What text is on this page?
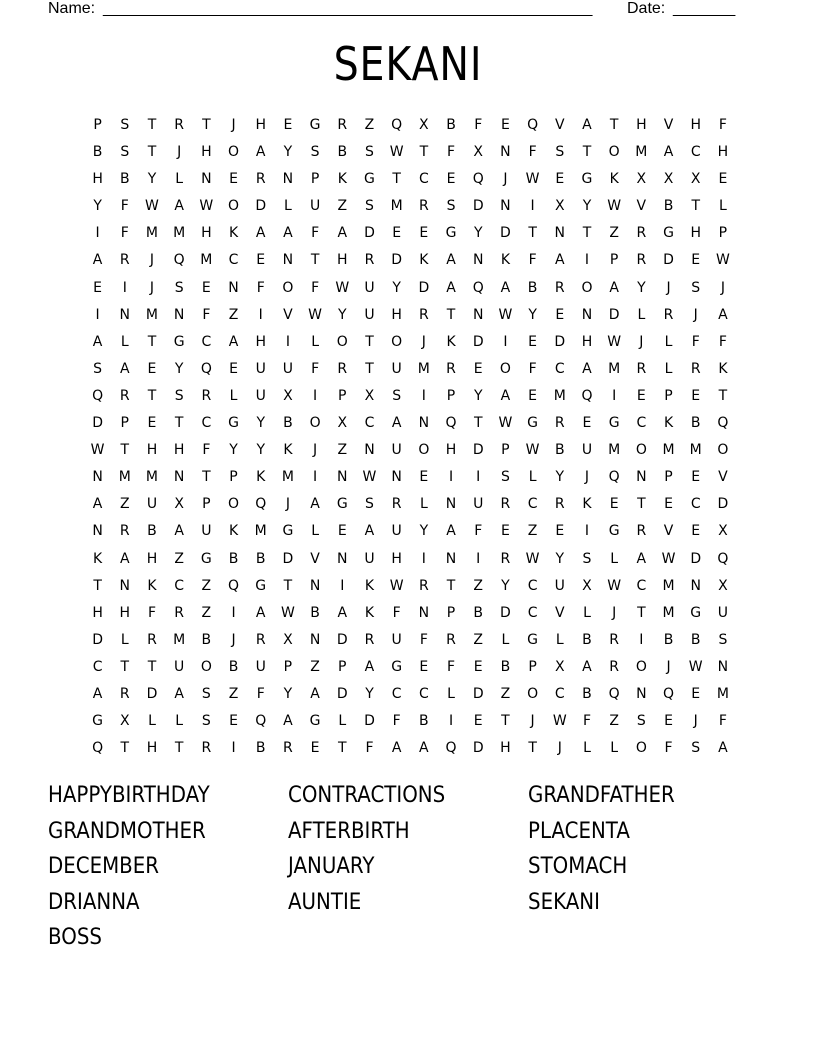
Name: _______________________________________________________ Date: _______
SEKANI
P	S	T	R	T	J	H	E	G	R	Z	Q	X	B	F	E	Q	V	A	T	H	V	H	F
B	S	T	J	H	O	A	Y	S	B	S	W	T	F	X	N	F	S	T	O	M	A	C	H
H	B	Y	L	N	E	R	N	P	K	G	T	C	E	Q	J	W	E	G	K	X	X	X	E
Y	F	W	A	W	O	D	L	U	Z	S	M	R	S	D	N	I	X	Y	W	V	B	T	L
I	F	M	M	H	K	A	A	F	A	D	E	E	G	Y	D	T	N	T	Z	R	G	H	P
A	R	J	Q	M	C	E	N	T	H	R	D	K	A	N	K	F	A	I	P	R	D	E	W
E	I	J	S	E	N	F	O	F	W	U	Y	D	A	Q	A	B	R	O	A	Y	J	S	J
I	N	M	N	F	Z	I	V	W	Y	U	H	R	T	N	W	Y	E	N	D	L	R	J	A
A	L	T	G	C	A	H	I	L	O	T	O	J	K	D	I	E	D	H	W	J	L	F	F
S	A	E	Y	Q	E	U	U	F	R	T	U	M	R	E	O	F	C	A	M	R	L	R	K
Q	R	T	S	R	L	U	X	I	P	X	S	I	P	Y	A	E	M	Q	I	E	P	E	T
D	P	E	T	C	G	Y	B	O	X	C	A	N	Q	T	W	G	R	E	G	C	K	B	Q
W	T	H	H	F	Y	Y	K	J	Z	N	U	O	H	D	P	W	B	U	M	O	M	M	O
N	M	M	N	T	P	K	M	I	N	W	N	E	I	I	S	L	Y	J	Q	N	P	E	V
A	Z	U	X	P	O	Q	J	A	G	S	R	L	N	U	R	C	R	K	E	T	E	C	D
N	R	B	A	U	K	M	G	L	E	A	U	Y	A	F	E	Z	E	I	G	R	V	E	X
K	A	H	Z	G	B	B	D	V	N	U	H	I	N	I	R	W	Y	S	L	A	W	D	Q
T	N	K	C	Z	Q	G	T	N	I	K	W	R	T	Z	Y	C	U	X	W	C	M	N	X
H	H	F	R	Z	I	A	W	B	A	K	F	N	P	B	D	C	V	L	J	T	M	G	U
D	L	R	M	B	J	R	X	N	D	R	U	F	R	Z	L	G	L	B	R	I	B	B	S
C	T	T	U	O	B	U	P	Z	P	A	G	E	F	E	B	P	X	A	R	O	J	W	N
A	R	D	A	S	Z	F	Y	A	D	Y	C	C	L	D	Z	O	C	B	Q	N	Q	E	M
G	X	L	L	S	E	Q	A	G	L	D	F	B	I	E	T	J	W	F	Z	S	E	J	F
Q	T	H	T	R	I	B	R	E	T	F	A	A	Q	D	H	T	J	L	L	O	F	S	A
HAPPYBIRTHDAY	CONTRACTIONS	GRANDFATHER
GRANDMOTHER	AFTERBIRTH	PLACENTA
DECEMBER	JANUARY	STOMACH
DRIANNA	AUNTIE	SEKANI
BOSS
